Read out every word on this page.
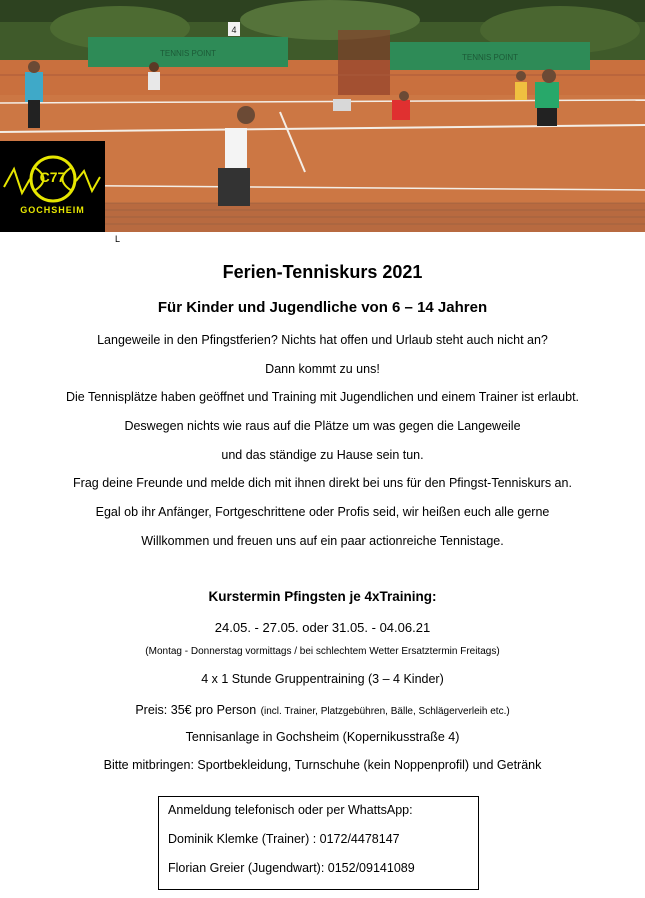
TENNIS POINT	TENNIS POINT
4
C77
GOCHSHEIM
L
Ferien-Tenniskurs 2021
Für Kinder und Jugendliche von 6 – 14 Jahren
Langeweile in den Pfingstferien? Nichts hat offen und Urlaub steht auch nicht an?
Dann kommt zu uns!
Die Tennisplätze haben geöffnet und Training mit Jugendlichen und einem Trainer ist erlaubt.
Deswegen nichts wie raus auf die Plätze um was gegen die Langeweile
und das ständige zu Hause sein tun.
Frag deine Freunde und melde dich mit ihnen direkt bei uns für den Pfingst-Tenniskurs an.
Egal ob ihr Anfänger, Fortgeschrittene oder Profis seid, wir heißen euch alle gerne
Willkommen und freuen uns auf ein paar actionreiche Tennistage.
Kurstermin Pfingsten je 4xTraining:
24.05. - 27.05. oder 31.05. - 04.06.21
(Montag - Donnerstag vormittags / bei schlechtem Wetter Ersatztermin Freitags)
4 x 1 Stunde Gruppentraining (3 – 4 Kinder)
Preis: 35€ pro Person (incl. Trainer, Platzgebühren, Bälle, Schlägerverleih etc.)
Tennisanlage in Gochsheim (Kopernikusstraße 4)
Bitte mitbringen: Sportbekleidung, Turnschuhe (kein Noppenprofil) und Getränk
Anmeldung telefonisch oder per WhattsApp:
Dominik Klemke (Trainer) : 0172/4478147
Florian Greier (Jugendwart): 0152/09141089
